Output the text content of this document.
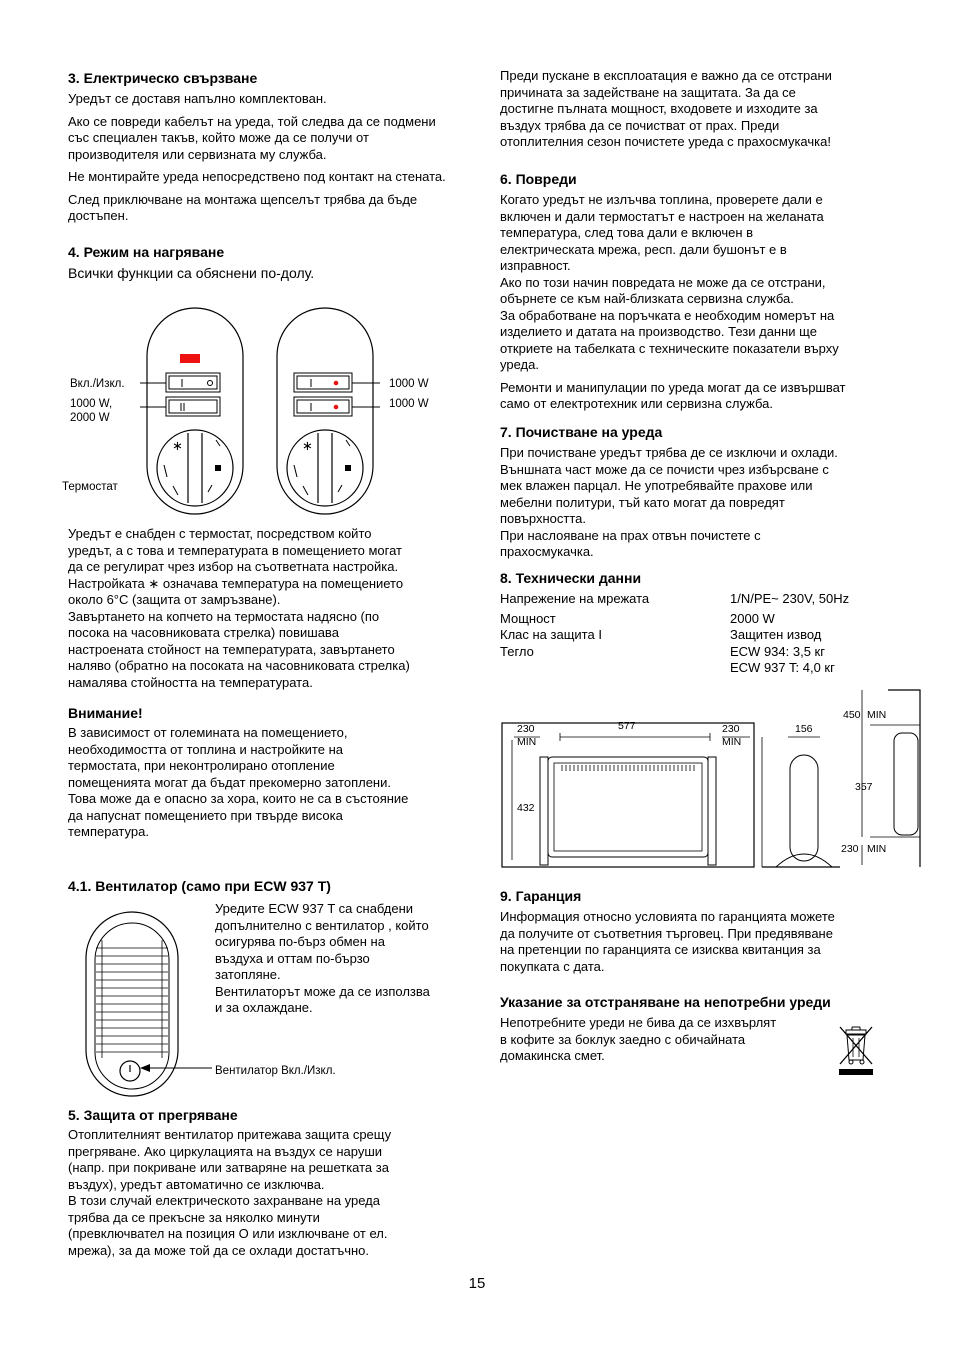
3. Електрическо свързване

Уредът се доставя напълно комплектован.

Ако се повреди кабелът на уреда, той следва да се подмени със специален такъв, който може да се получи от производителя или сервизната му служба.

Не монтирайте уреда непосредствено под контакт на стената.

След приключване на монтажа щепселът трябва да бъде достъпен.

4. Режим на нагряване

Всички функции са обяснени по-долу.

∗	∗
Вкл./Изкл.
1000 W,
2000 W
Термостат
1000 W
1000 W

Уредът е снабден с термостат, посредством който

уредът, а с това и температурата в помещението могат

да се регулират чрез избор на съответната настройка.

Настройката ∗ означава температура на помещението

около 6°C (защита от замръзване).

Завъртането на копчето на термостата надясно (по

посока на часовниковата стрелка) повишава

настроената стойност на температурата, завъртането

наляво (обратно на посоката на часовниковата стрелка)

намалява стойността на температурата.

Внимание!

В зависимост от големината на помещението,

необходимостта от топлина и настройките на

термостата, при неконтролирано отопление

помещенията могат да бъдат прекомерно затоплени.

Това може да е опасно за хора, които не са в състояние

да напуснат помещението при твърде висока

температура.

4.1. Вентилатор (само при ECW 937 T)

Уредите ECW 937 T са снабдени

допълнително с вентилатор , който

осигурява по-бърз обмен на

въздуха и оттам по-бързо

затопляне.

Вентилаторът може да се използва

и за охлаждане.

Вентилатор Вкл./Изкл.
5. Защита от прегряване

Отоплителният вентилатор притежава защита срещу

прегряване. Ако циркулацията на въздух се наруши

(напр. при покриване или затваряне на решетката за

въздух), уредът автоматично се изключва.

В този случай електрическото захранване на уреда

трябва да се прекъсне за няколко минути

(превключвател на позиция О или изключване от ел.

мрежа), за да може той да се охлади достатъчно.

Преди пускане в експлоатация е важно да се отстрани

причината за задействане на защитата. За да се

достигне пълната мощност, входовете и изходите за

въздух трябва да се почистват от прах. Преди

отоплителния сезон почистете уреда с прахосмукачка!

6. Повреди

Когато уредът не излъчва топлина, проверете дали е

включен и дали термостатът е настроен на желаната

температура, след това дали е включен в

електрическата мрежа, респ. дали бушонът е в

изправност.

Ако по този начин повредата не може да се отстрани,

обърнете се към най-близката сервизна служба.

За обработване на поръчката е необходим номерът на

изделието и датата на производство. Тези данни ще

откриете на табелката с техническите показатели върху

уреда.

Ремонти и манипулации по уреда могат да се извършват

само от електротехник или сервизна служба.

7. Почистване на уреда

При почистване уредът трябва де се изключи и охлади.

Външната част може да се почисти чрез избърсване с

мек влажен парцал. Не употребявайте прахове или

мебелни политури, тъй като могат да повредят

повърхността.

При наслояване на прах отвън почистете с

прахосмукачка.

8. Технически данни
Напрежение на мрежата	1/N/PE~ 230V, 50Hz
Мощност	2000 W
Клас на защита I	Защитен извод
Тегло	ECW 934: 3,5 кг
	ECW 937 T: 4,0 кг
230
MIN
577	230
MIN
432
156
450 MIN
357
230 MIN
9. Гаранция

Информация относно условията по гаранцията можете

да получите от съответния търговец. При предявяване

на претенции по гаранцията се изисква квитанция за

покупката с дата.

Указание за отстраняване на непотребни уреди

Непотребните уреди не бива да се изхвърлят

в кофите за боклук заедно с обичайната

домакинска смет.

15
